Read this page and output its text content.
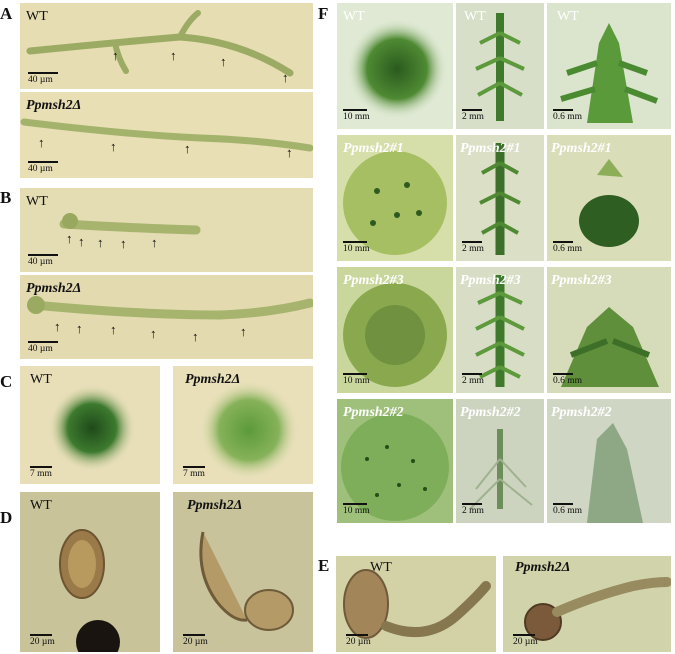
A
B
C
D
F
E
WT
↑	↑	↑
↑
40 µm
Ppmsh2Δ
↑	↑	↑	↑
40 µm
WT
↑ ↑ ↑ ↑ ↑
40 µm
Ppmsh2Δ
↑ ↑ ↑	↑	↑	↑
40 µm
WT
7 mm
Ppmsh2Δ
7 mm
WT
20 µm
Ppmsh2Δ
20 µm
WT
10 mm
WT
2 mm
WT
0.6 mm
Ppmsh2#1
10 mm
Ppmsh2#1
2 mm
Ppmsh2#1
0.6 mm
Ppmsh2#3
10 mm
Ppmsh2#3
2 mm
Ppmsh2#3
0.6 mm
Ppmsh2#2
10 mm
Ppmsh2#2
2 mm
Ppmsh2#2
0.6 mm
WT
20 µm
Ppmsh2Δ
20 µm
